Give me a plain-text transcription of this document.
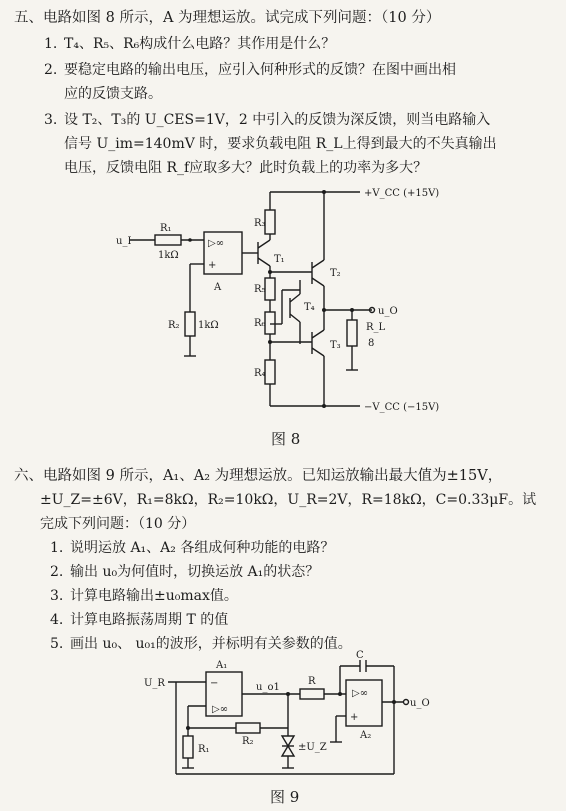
五、电路如图 8 所示，A 为理想运放。试完成下列问题：（10 分）
1. T₄、R₅、R₆构成什么电路？其作用是什么？
2. 要稳定电路的输出电压，应引入何种形式的反馈？在图中画出相
应的反馈支路。
3. 设 T₂、T₃的 U_CES=1V，2 中引入的反馈为深反馈，则当电路输入
信号 U_im=140mV 时，要求负载电阻 R_L上得到最大的不失真输出
电压，反馈电阻 R_f应取多大？此时负载上的功率为多大？
+V_CC (+15V)
−V_CC (−15V)
R₁
1kΩ
u_I	▷∞
+
A
R₂ 1kΩ
R₃
R₅
R₆
R₄
T₁
T₂
T₃
T₄	u_O
R_L
8
图 8
六、电路如图 9 所示，A₁、A₂ 为理想运放。已知运放输出最大值为±15V，
±U_Z=±6V，R₁=8kΩ，R₂=10kΩ，U_R=2V，R=18kΩ，C=0.33μF。试
完成下列问题：（10 分）
1. 说明运放 A₁、A₂ 各组成何种功能的电路？
2. 输出 u₀为何值时，切换运放 A₁的状态？
3. 计算电路输出±u₀max值。
4. 计算电路振荡周期 T 的值
5. 画出 u₀、 u₀₁的波形，并标明有关参数的值。
U_R
A₁
−
▷∞
u_o1
R
C
▷∞
+
A₂
u_O
R₁
R₂
±U_Z
图 9
